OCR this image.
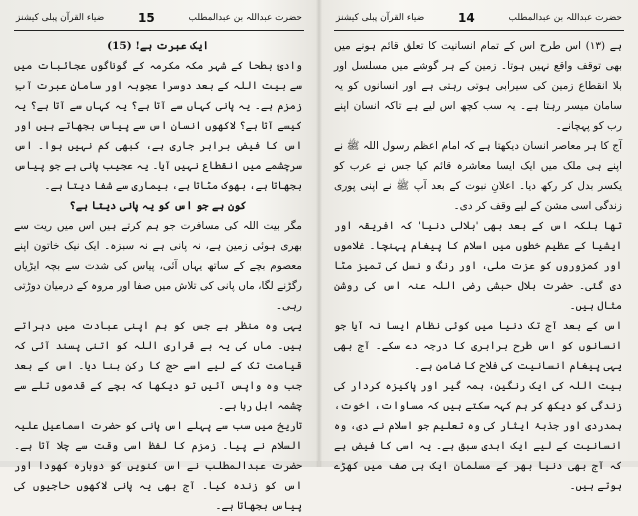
حضرت عبداللہ بن عبدالمطلب
15
ضیاء القرآن پبلی کیشنز

ایک عبرت ہے! (15)

وادیٔ بطحا کے شہر مکہ مکرمہ کے گوناگوں عجائبات میں سے بیت اللہ کے بعد دوسرا عجوبہ اور سامانِ عبرت آبِ زمزم ہے۔ یہ پانی کہاں سے آتا ہے؟ یہ کہاں سے آتا ہے؟ یہ کیسے آتا ہے؟ لاکھوں انسان اس سے پیاس بجھاتے ہیں اور اس کا فیض برابر جاری ہے، کبھی کم نہیں ہوا۔ اس سرچشمے میں انقطاع نہیں آیا۔ یہ عجیب پانی ہے جو پیاس بجھاتا ہے، بھوک مٹاتا ہے، بیماری سے شفا دیتا ہے۔

کون ہے جو اس کو یہ پانی دیتا ہے؟

مگر بیت اللہ کی مسافرت جو ہم کرتے ہیں اس میں ریت سے بھری ہوئی زمین ہے، نہ پانی ہے نہ سبزہ۔ ایک نیک خاتون اپنے معصوم بچے کے ساتھ یہاں آئی، پیاس کی شدت سے بچہ ایڑیاں رگڑنے لگا، ماں پانی کی تلاش میں صفا اور مروہ کے درمیان دوڑتی رہی۔

یہی وہ منظر ہے جس کو ہم اپنی عبادت میں دہراتے ہیں۔ ماں کی یہ بے قراری اللہ کو اتنی پسند آئی کہ قیامت تک کے لیے اسے حج کا رکن بنا دیا۔ اس کے بعد جب وہ واپس آئیں تو دیکھا کہ بچے کے قدموں تلے سے چشمہ ابل رہا ہے۔

تاریخ میں سب سے پہلے اس پانی کو حضرت اسماعیل علیہ السلام نے پیا۔ زمزم کا لفظ اسی وقت سے چلا آتا ہے۔ حضرت عبدالمطلب نے اس کنویں کو دوبارہ کھودا اور اس کو زندہ کیا۔ آج بھی یہ پانی لاکھوں حاجیوں کی پیاس بجھاتا ہے۔

حضرت عبداللہ بن عبدالمطلب
14
ضیاء القرآن پبلی کیشنز

ہے (۱۳) اس طرح اس کے تمام انسانیت کا تعلق قائم ہونے میں بھی توقف واقع نہیں ہوتا۔ زمین کے ہر گوشے میں مسلسل اور بلا انقطاع زمین کی سیرابی ہوتی رہتی ہے اور انسانوں کو یہ سامان میسر رہتا ہے۔ یہ سب کچھ اس لیے ہے تاکہ انسان اپنے رب کو پہچانے۔

آج کا ہر معاصر انسان دیکھتا ہے کہ امام اعظم رسول اللہ ﷺ نے اپنے ہی ملک میں ایک ایسا معاشرہ قائم کیا جس نے عرب کو یکسر بدل کر رکھ دیا۔ اعلانِ نبوت کے بعد آپ ﷺ نے اپنی پوری زندگی اسی مشن کے لیے وقف کر دی۔

تھا بلکہ اس کے بعد بھی 'بلالی دنیا' کہ افریقہ اور ایشیا کے عظیم خطوں میں اسلام کا پیغام پہنچا۔ غلاموں اور کمزوروں کو عزت ملی، اور رنگ و نسل کی تمیز مٹا دی گئی۔ حضرت بلال حبشی رضی اللہ عنہ اس کی روشن مثال ہیں۔

اس کے بعد آج تک دنیا میں کوئی نظام ایسا نہ آیا جو انسانوں کو اس طرح برابری کا درجہ دے سکے۔ آج بھی یہی پیغام انسانیت کی فلاح کا ضامن ہے۔

بیت اللہ کی ایک رنگین، ہمہ گیر اور پاکیزہ کردار کی زندگی کو دیکھ کر ہم کہہ سکتے ہیں کہ مساوات، اخوت، ہمدردی اور جذبۂ ایثار کی وہ تعلیم جو اسلام نے دی، وہ انسانیت کے لیے ایک ابدی سبق ہے۔ یہ اسی کا فیض ہے کہ آج بھی دنیا بھر کے مسلمان ایک ہی صف میں کھڑے ہوتے ہیں۔
